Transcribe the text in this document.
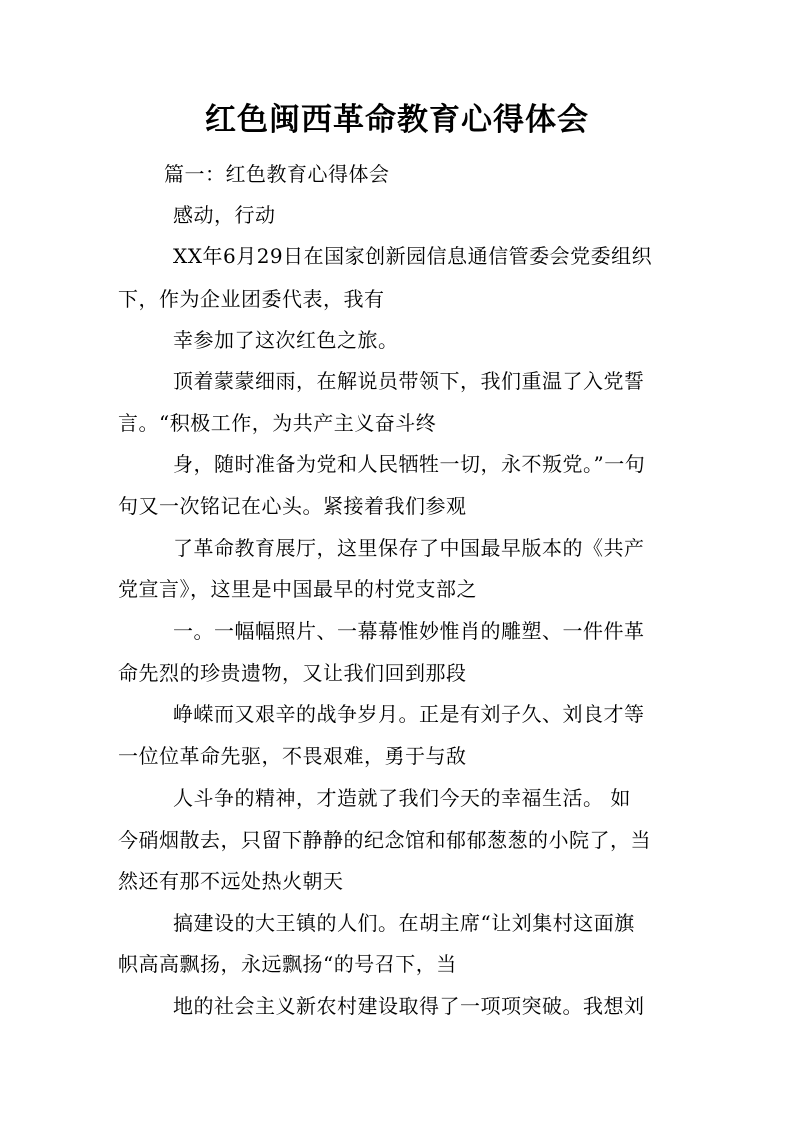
红色闽西革命教育心得体会
篇一：红色教育心得体会
感动，行动
XX年6月29日在国家创新园信息通信管委会党委组织
下，作为企业团委代表，我有
幸参加了这次红色之旅。
顶着蒙蒙细雨，在解说员带领下，我们重温了入党誓
言。“积极工作，为共产主义奋斗终
身，随时准备为党和人民牺牲一切，永不叛党。”一句
句又一次铭记在心头。紧接着我们参观
了革命教育展厅，这里保存了中国最早版本的《共产
党宣言》，这里是中国最早的村党支部之
一。一幅幅照片、一幕幕惟妙惟肖的雕塑、一件件革
命先烈的珍贵遗物，又让我们回到那段
峥嵘而又艰辛的战争岁月。正是有刘子久、刘良才等
一位位革命先驱，不畏艰难，勇于与敌
人斗争的精神，才造就了我们今天的幸福生活。 如
今硝烟散去，只留下静静的纪念馆和郁郁葱葱的小院了，当
然还有那不远处热火朝天
搞建设的大王镇的人们。在胡主席“让刘集村这面旗
帜高高飘扬，永远飘扬“的号召下，当
地的社会主义新农村建设取得了一项项突破。我想刘
